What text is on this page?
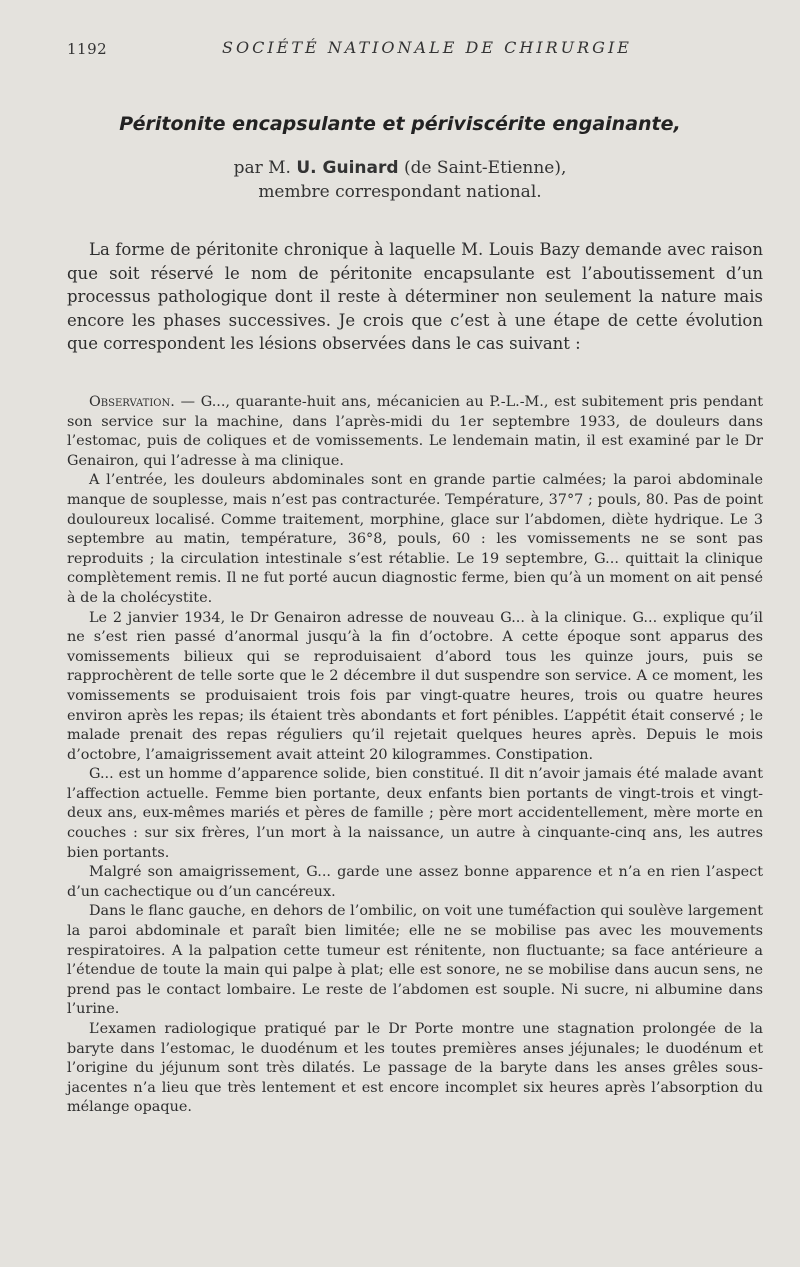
1192	SOCIÉTÉ NATIONALE DE CHIRURGIE
Péritonite encapsulante et périviscérite engainante,
par M. U. Guinard (de Saint-Etienne),
membre correspondant national.

La forme de péritonite chronique à laquelle M. Louis Bazy demande avec raison que soit réservé le nom de péritonite encapsulante est l’aboutissement d’un processus pathologique dont il reste à déterminer non seulement la nature mais encore les phases successives. Je crois que c’est à une étape de cette évolution que correspondent les lésions observées dans le cas suivant :

Observation. — G..., quarante-huit ans, mécanicien au P.-L.-M., est subitement pris pendant son service sur la machine, dans l’après-midi du 1er septembre 1933, de douleurs dans l’estomac, puis de coliques et de vomissements. Le lendemain matin, il est examiné par le Dr Genairon, qui l’adresse à ma clinique.

A l’entrée, les douleurs abdominales sont en grande partie calmées; la paroi abdominale manque de souplesse, mais n’est pas contracturée. Température, 37°7 ; pouls, 80. Pas de point douloureux localisé. Comme traitement, morphine, glace sur l’abdomen, diète hydrique. Le 3 septembre au matin, température, 36°8, pouls, 60 : les vomissements ne se sont pas reproduits ; la circulation intestinale s’est rétablie. Le 19 septembre, G... quittait la clinique complètement remis. Il ne fut porté aucun diagnostic ferme, bien qu’à un moment on ait pensé à de la cholécystite.

Le 2 janvier 1934, le Dr Genairon adresse de nouveau G... à la clinique. G... explique qu’il ne s’est rien passé d’anormal jusqu’à la fin d’octobre. A cette époque sont apparus des vomissements bilieux qui se reproduisaient d’abord tous les quinze jours, puis se rapprochèrent de telle sorte que le 2 décembre il dut suspendre son service. A ce moment, les vomissements se produisaient trois fois par vingt-quatre heures, trois ou quatre heures environ après les repas; ils étaient très abondants et fort pénibles. L’appétit était conservé ; le malade prenait des repas réguliers qu’il rejetait quelques heures après. Depuis le mois d’octobre, l’amaigrissement avait atteint 20 kilogrammes. Constipation.

G... est un homme d’apparence solide, bien constitué. Il dit n’avoir jamais été malade avant l’affection actuelle. Femme bien portante, deux enfants bien portants de vingt-trois et vingt-deux ans, eux-mêmes mariés et pères de famille ; père mort accidentellement, mère morte en couches : sur six frères, l’un mort à la naissance, un autre à cinquante-cinq ans, les autres bien portants.

Malgré son amaigrissement, G... garde une assez bonne apparence et n’a en rien l’aspect d’un cachectique ou d’un cancéreux.

Dans le flanc gauche, en dehors de l’ombilic, on voit une tuméfaction qui soulève largement la paroi abdominale et paraît bien limitée; elle ne se mobilise pas avec les mouvements respiratoires. A la palpation cette tumeur est rénitente, non fluctuante; sa face antérieure a l’étendue de toute la main qui palpe à plat; elle est sonore, ne se mobilise dans aucun sens, ne prend pas le contact lombaire. Le reste de l’abdomen est souple. Ni sucre, ni albumine dans l’urine.

L’examen radiologique pratiqué par le Dr Porte montre une stagnation prolongée de la baryte dans l’estomac, le duodénum et les toutes premières anses jéjunales; le duodénum et l’origine du jéjunum sont très dilatés. Le passage de la baryte dans les anses grêles sous-jacentes n’a lieu que très lentement et est encore incomplet six heures après l’absorption du mélange opaque.
